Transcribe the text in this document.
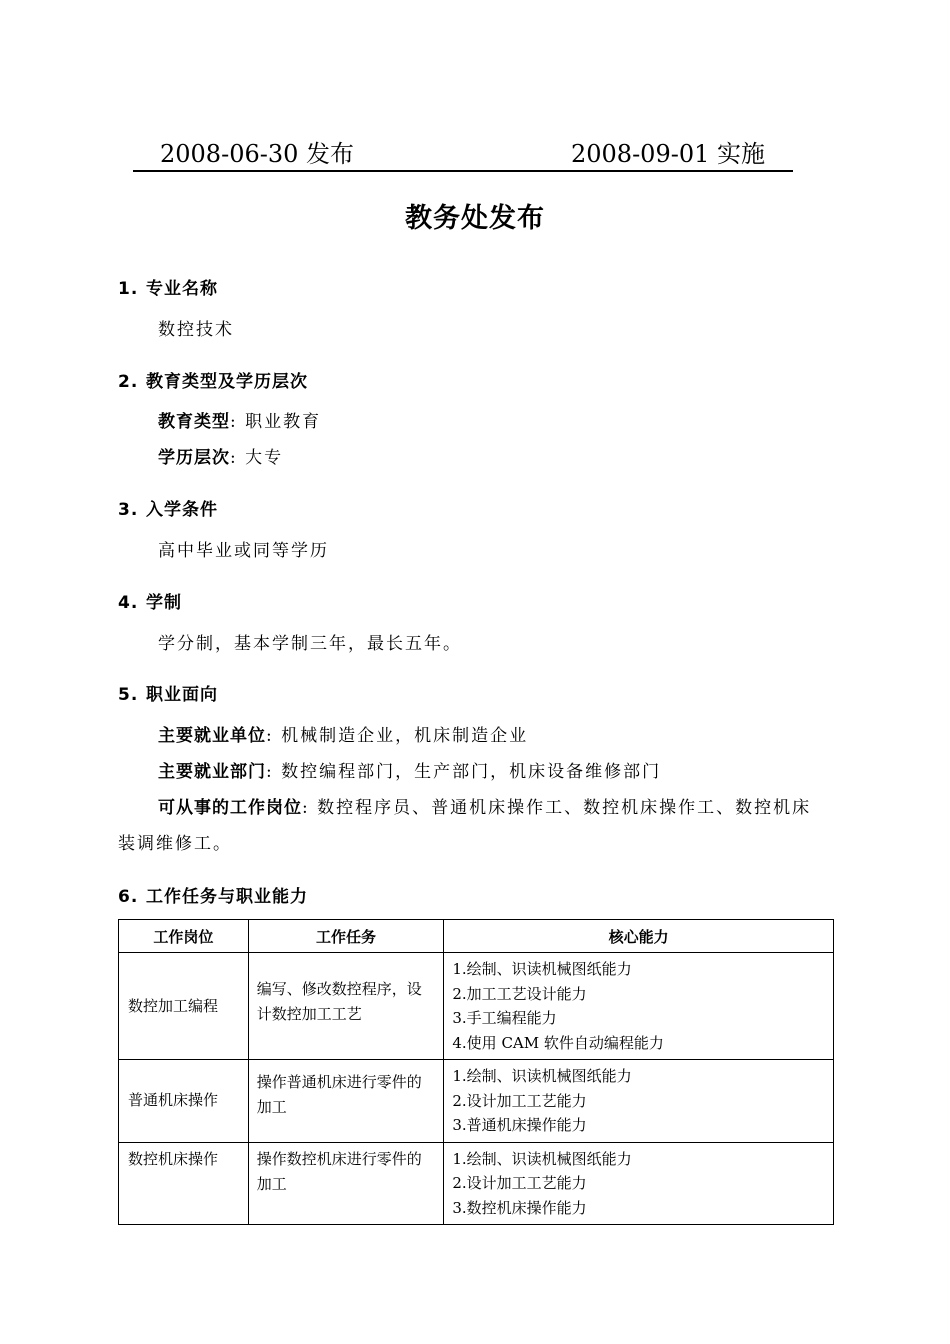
2008-06-30 发布	2008-09-01 实施
教务处发布
1. 专业名称
数控技术
2. 教育类型及学历层次
教育类型: 职业教育
学历层次: 大专
3. 入学条件
高中毕业或同等学历
4. 学制
学分制，基本学制三年，最长五年。
5. 职业面向
主要就业单位: 机械制造企业，机床制造企业
主要就业部门: 数控编程部门，生产部门，机床设备维修部门
可从事的工作岗位: 数控程序员、普通机床操作工、数控机床操作工、数控机床
装调维修工。
6. 工作任务与职业能力
工作岗位	工作任务	核心能力
数控加工编程	编写、修改数控程序，设计数控加工工艺	1.绘制、识读机械图纸能力
2.加工工艺设计能力
3.手工编程能力
4.使用 CAM 软件自动编程能力

普通机床操作	操作普通机床进行零件的加工	1.绘制、识读机械图纸能力
2.设计加工工艺能力
3.普通机床操作能力

数控机床操作	操作数控机床进行零件的加工	1.绘制、识读机械图纸能力
2.设计加工工艺能力
3.数控机床操作能力
